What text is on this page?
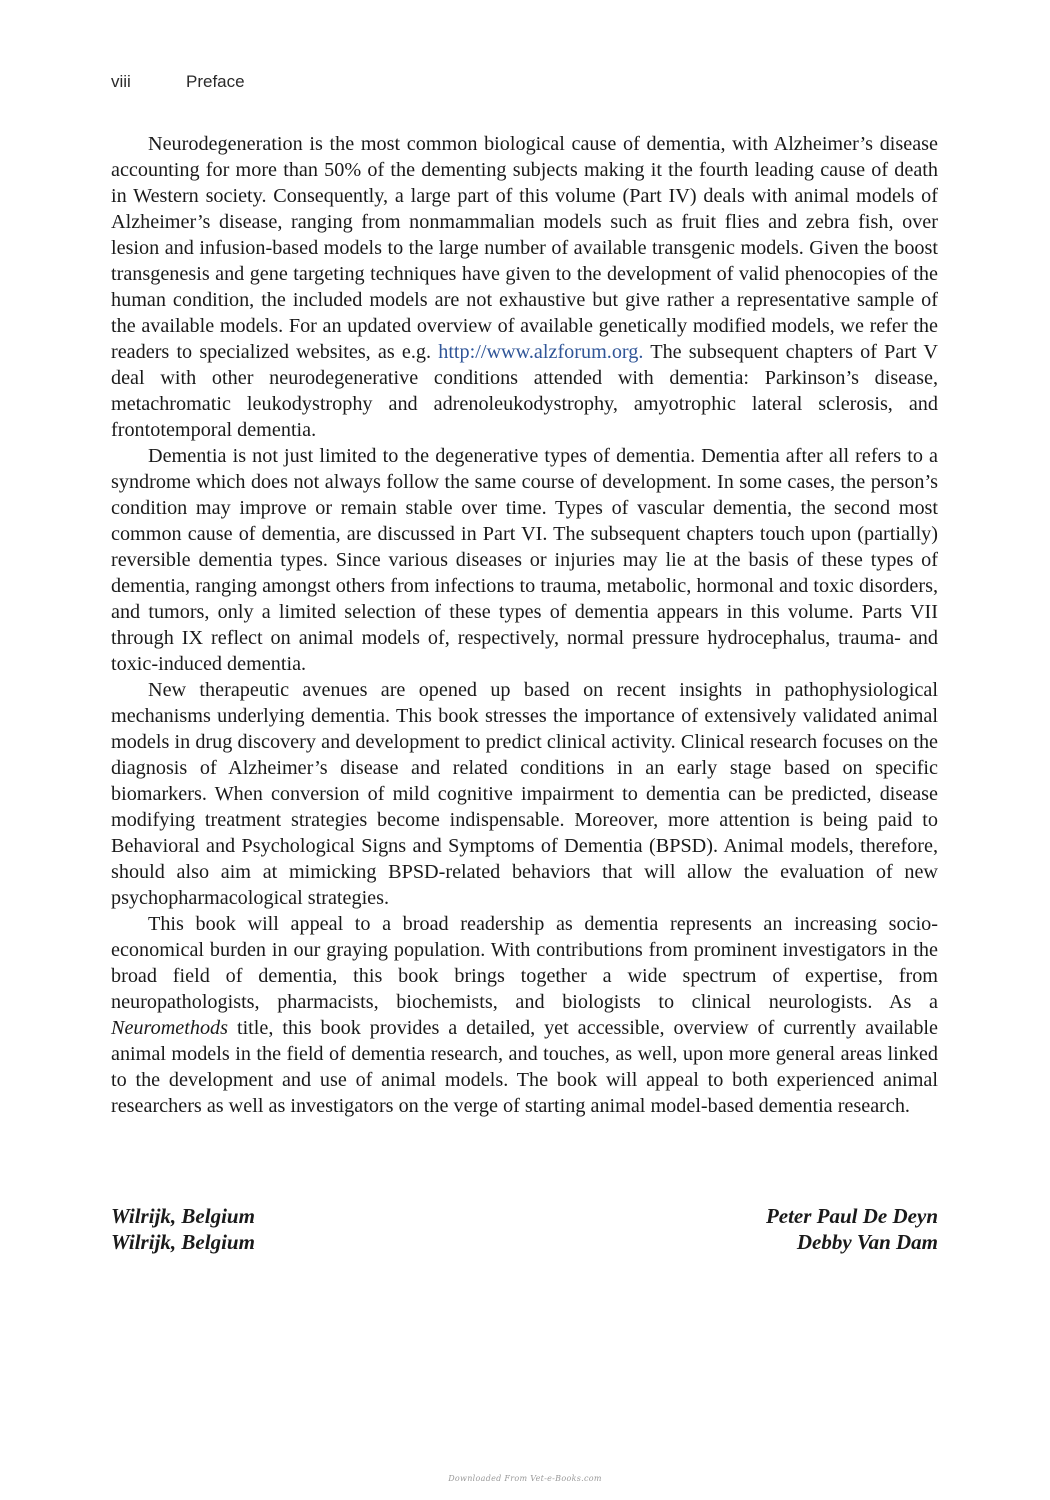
viii	Preface

Neurodegeneration is the most common biological cause of dementia, with Alzheimer’s disease accounting for more than 50% of the dementing subjects making it the fourth leading cause of death in Western society. Consequently, a large part of this volume (Part IV) deals with animal models of Alzheimer’s disease, ranging from nonmammalian models such as fruit flies and zebra fish, over lesion and infusion-based models to the large number of available transgenic models. Given the boost transgenesis and gene targeting techniques have given to the development of valid phenocopies of the human condition, the included models are not exhaustive but give rather a representative sample of the available models. For an updated overview of available genetically modified models, we refer the readers to specialized websites, as e.g. http://www.alzforum.org. The subsequent chapters of Part V deal with other neurodegenerative conditions attended with dementia: Parkinson’s disease, metachromatic leukodystrophy and adrenoleukodystrophy, amyotrophic lateral sclerosis, and frontotemporal dementia.

Dementia is not just limited to the degenerative types of dementia. Dementia after all refers to a syndrome which does not always follow the same course of development. In some cases, the person’s condition may improve or remain stable over time. Types of vascular dementia, the second most common cause of dementia, are discussed in Part VI. The subsequent chapters touch upon (partially) reversible dementia types. Since various diseases or injuries may lie at the basis of these types of dementia, ranging amongst others from infections to trauma, metabolic, hormonal and toxic disorders, and tumors, only a limited selection of these types of dementia appears in this volume. Parts VII through IX reflect on animal models of, respectively, normal pressure hydrocephalus, trauma- and toxic-induced dementia.

New therapeutic avenues are opened up based on recent insights in pathophysiological mechanisms underlying dementia. This book stresses the importance of extensively validated animal models in drug discovery and development to predict clinical activity. Clinical research focuses on the diagnosis of Alzheimer’s disease and related conditions in an early stage based on specific biomarkers. When conversion of mild cognitive impairment to dementia can be predicted, disease modifying treatment strategies become indispensable. Moreover, more attention is being paid to Behavioral and Psychological Signs and Symptoms of Dementia (BPSD). Animal models, therefore, should also aim at mimicking BPSD-related behaviors that will allow the evaluation of new psychopharmacological strategies.

This book will appeal to a broad readership as dementia represents an increasing socio-economical burden in our graying population. With contributions from prominent investigators in the broad field of dementia, this book brings together a wide spectrum of expertise, from neuropathologists, pharmacists, biochemists, and biologists to clinical neurologists. As a Neuromethods title, this book provides a detailed, yet accessible, overview of currently available animal models in the field of dementia research, and touches, as well, upon more general areas linked to the development and use of animal models. The book will appeal to both experienced animal researchers as well as investigators on the verge of starting animal model-based dementia research.

Wilrijk, Belgium
Wilrijk, Belgium
Peter Paul De Deyn
Debby Van Dam
Downloaded From Vet-e-Books.com
